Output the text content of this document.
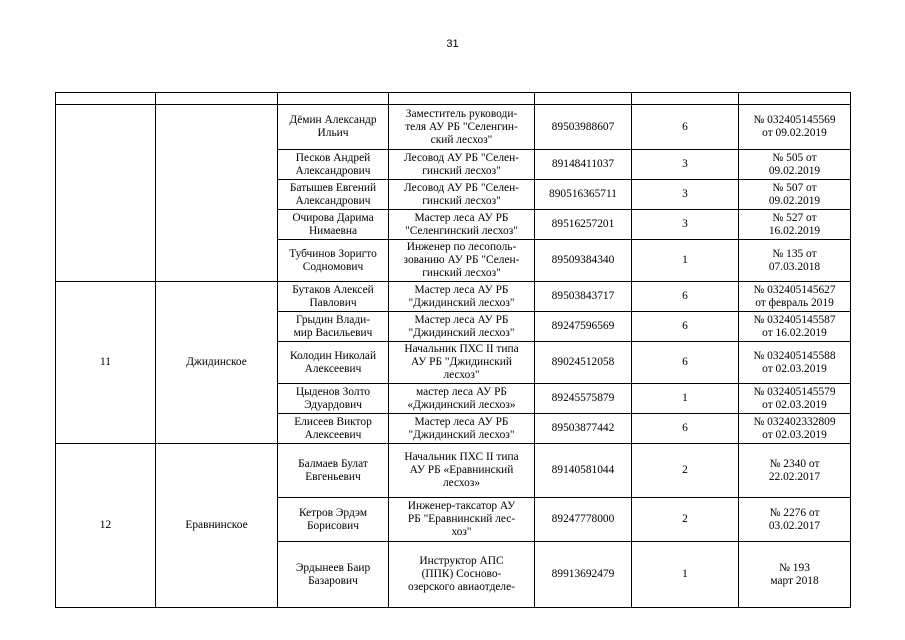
31

		Дёмин Александр
Ильич	Заместитель руководи-
теля АУ РБ "Селенгин-
ский лесхоз"	89503988607	6	№ 032405145569
от 09.02.2019
		Песков Андрей
Александрович	Лесовод АУ РБ "Селен-
гинский лесхоз"	89148411037	3	№ 505 от
09.02.2019
		Батышев Евгений
Александрович	Лесовод АУ РБ "Селен-
гинский лесхоз"	890516365711	3	№ 507 от
09.02.2019
		Очирова Дарима
Нимаевна	Мастер леса АУ РБ
"Селенгинский лесхоз"	89516257201	3	№ 527 от
16.02.2019
		Тубчинов Зоригто
Содномович	Инженер по лесополь-
зованию АУ РБ "Селен-
гинский лесхоз"	89509384340	1	№ 135 от
07.03.2018
11	Джидинское	Бутаков Алексей
Павлович	Мастер леса АУ РБ
"Джидинский лесхоз"	89503843717	6	№ 032405145627
от февраль 2019
		Грыдин Влади-
мир Васильевич	Мастер леса АУ РБ
"Джидинский лесхоз"	89247596569	6	№ 032405145587
от 16.02.2019
		Колодин Николай
Алексеевич	Начальник ПХС II типа
АУ РБ "Джидинский
лесхоз"	89024512058	6	№ 032405145588
от 02.03.2019
		Цыденов Золто
Эдуардович	мастер леса АУ РБ
«Джидинский лесхоз»	89245575879	1	№ 032405145579
от 02.03.2019
		Елисеев Виктор
Алексеевич	Мастер леса АУ РБ
"Джидинский лесхоз"	89503877442	6	№ 032402332809
от 02.03.2019
12	Еравнинское	Балмаев Булат
Евгеньевич	Начальник ПХС II типа
АУ РБ «Еравнинский
лесхоз»	89140581044	2	№ 2340 от
22.02.2017
		Кетров Эрдэм
Борисович	Инженер-таксатор АУ
РБ "Еравнинский лес-
хоз"	89247778000	2	№ 2276 от
03.02.2017
		Эрдынеев Баир
Базарович	Инструктор АПС
(ППК) Сосново-
озерского авиаотделе-	89913692479	1	№ 193
март 2018
